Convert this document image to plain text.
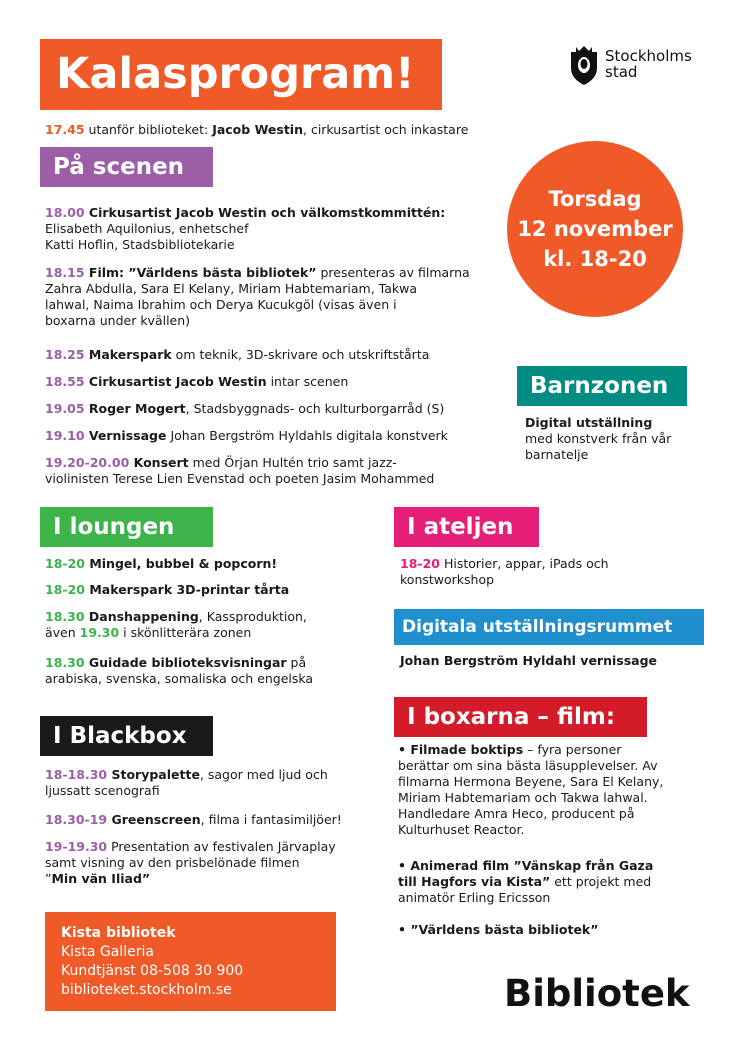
Kalasprogram!	Stockholms
stad
17.45 utanför biblioteket: Jacob Westin, cirkusartist och inkastare
Torsdag
12 november
kl. 18-20
På scenen

18.00 Cirkusartist Jacob Westin och välkomstkommittén:

Elisabeth Aquilonius, enhetschef

Katti Hoflin, Stadsbibliotekarie

18.15 Film: ”Världens bästa bibliotek” presenteras av filmarna

Zahra Abdulla, Sara El Kelany, Miriam Habtemariam, Takwa

lahwal, Naima Ibrahim och Derya Kucukgöl (visas även i

boxarna under kvällen)

18.25 Makerspark om teknik, 3D-skrivare och utskriftstårta

18.55 Cirkusartist Jacob Westin intar scenen

19.05 Roger Mogert, Stadsbyggnads- och kulturborgarråd (S)

19.10 Vernissage Johan Bergström Hyldahls digitala konstverk

19.20-20.00 Konsert med Örjan Hultén trio samt jazz-

violinisten Terese Lien Evenstad och poeten Jasim Mohammed

Barnzonen

Digital utställning

med konstverk från vår

barnatelje

I loungen

18-20 Mingel, bubbel & popcorn!

18-20 Makerspark 3D-printar tårta

18.30 Danshappening, Kassproduktion,

även 19.30 i skönlitterära zonen

18.30 Guidade biblioteksvisningar på

arabiska, svenska, somaliska och engelska

I ateljen

18-20 Historier, appar, iPads och

konstworkshop

Digitala utställningsrummet
Johan Bergström Hyldahl vernissage
I Blackbox

18-18.30 Storypalette, sagor med ljud och

ljussatt scenografi

18.30-19 Greenscreen, filma i fantasimiljöer!

19-19.30 Presentation av festivalen Järvaplay

samt visning av den prisbelönade filmen

”Min vän Iliad”

I boxarna – film:

• Filmade boktips – fyra personer

berättar om sina bästa läsupplevelser. Av

filmarna Hermona Beyene, Sara El Kelany,

Miriam Habtemariam och Takwa lahwal.

Handledare Amra Heco, producent på

Kulturhuset Reactor.

• Animerad film ”Vänskap från Gaza

till Hagfors via Kista” ett projekt med

animatör Erling Ericsson

• ”Världens bästa bibliotek”
Kista bibliotek
Kista Galleria
Kundtjänst 08-508 30 900
biblioteket.stockholm.se	Bibliotek
